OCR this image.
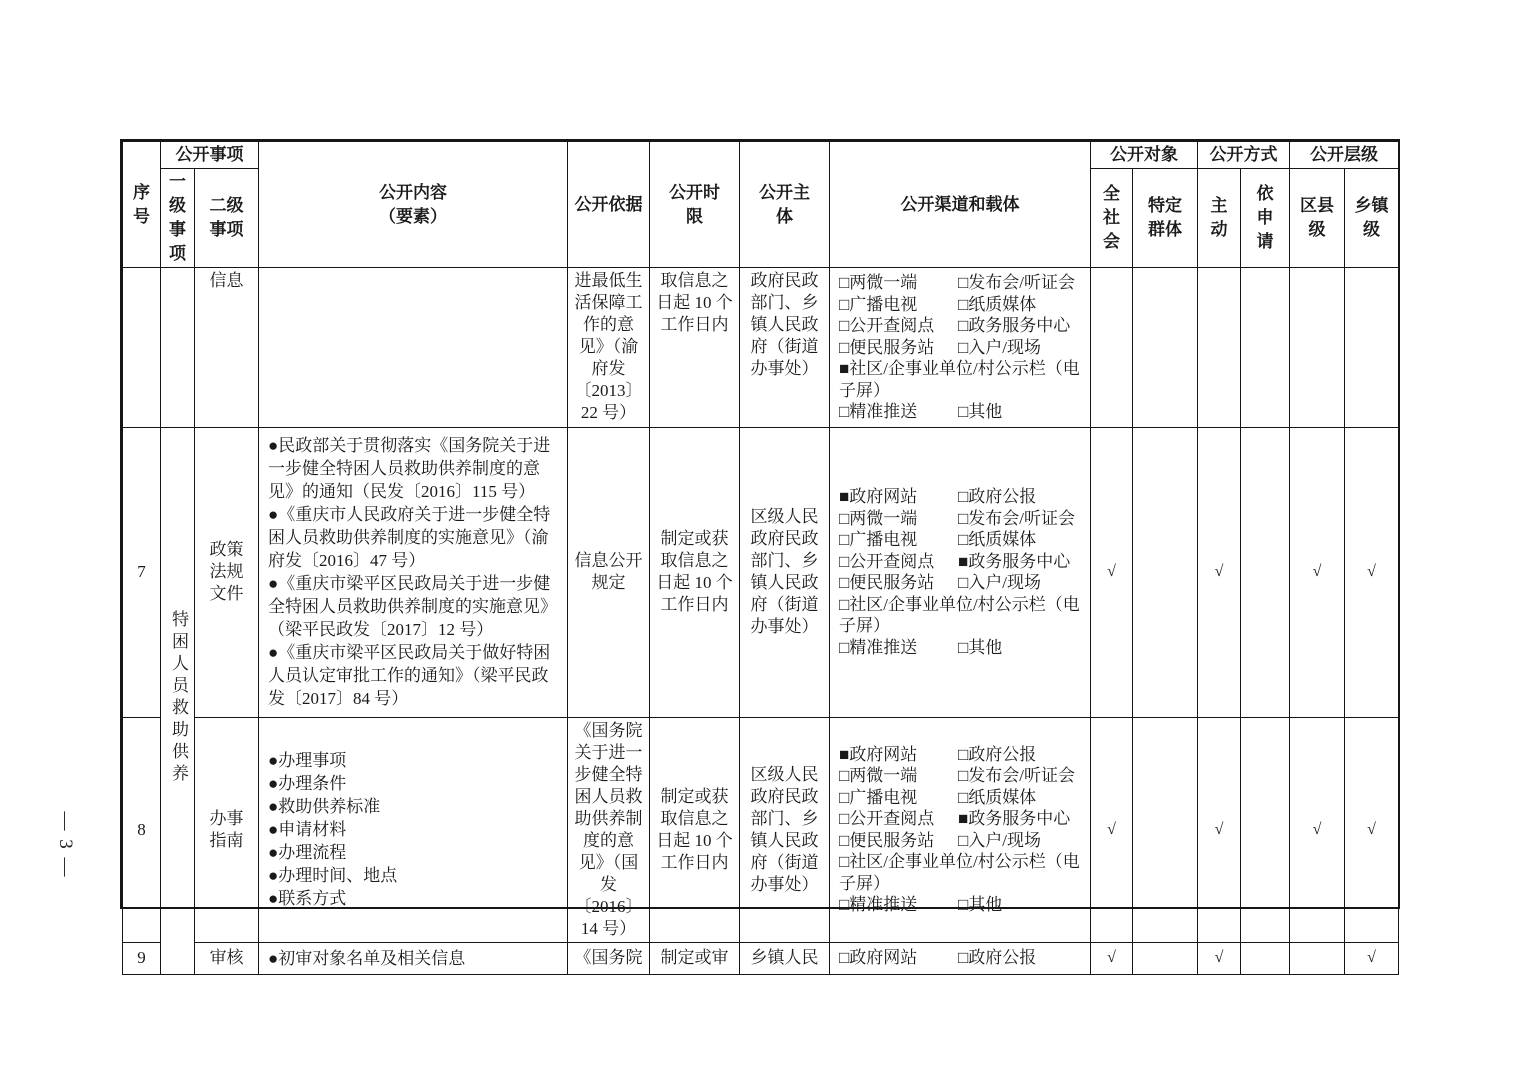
— 3 —
序号	公开事项		公开内容
（要素）	公开依据	公开时限	公开主体	公开渠道和载体	公开对象		公开方式		公开层级	
	一级事项	二级事项						全社会	特定群体	主动	依申请	区县级	乡镇级
		信息		进最低生活保障工作的意见》（渝府发〔2013〕22 号）	取信息之日起 10 个工作日内	政府民政部门、乡镇人民政府（街道办事处）	
□两微一端	□发布会/听证会
□广播电视	□纸质媒体
□公开查阅点	□政务服务中心
□便民服务站	□入户/现场
■社区/企事业单位/村公示栏（电子屏）
□精准推送	□其他

7	特困人员救助供养	政策法规文件	
●民政部关于贯彻落实《国务院关于进一步健全特困人员救助供养制度的意见》的通知（民发〔2016〕115 号）
●《重庆市人民政府关于进一步健全特困人员救助供养制度的实施意见》（渝府发〔2016〕47 号）
●《重庆市梁平区民政局关于进一步健全特困人员救助供养制度的实施意见》（梁平民政发〔2017〕12 号）
●《重庆市梁平区民政局关于做好特困人员认定审批工作的通知》（梁平民政发〔2017〕84 号）
	信息公开规定	制定或获取信息之日起 10 个工作日内	区级人民政府民政部门、乡镇人民政府（街道办事处）	
■政府网站	□政府公报
□两微一端	□发布会/听证会
□广播电视	□纸质媒体
□公开查阅点	■政务服务中心
□便民服务站	□入户/现场
□社区/企事业单位/村公示栏（电子屏）
□精准推送	□其他
	√		√		√	√
8	办事指南	
●办理事项
●办理条件
●救助供养标准
●申请材料
●办理流程
●办理时间、地点
●联系方式
	《国务院关于进一步健全特困人员救助供养制度的意见》（国发〔2016〕14 号）	制定或获取信息之日起 10 个工作日内	区级人民政府民政部门、乡镇人民政府（街道办事处）	
■政府网站	□政府公报
□两微一端	□发布会/听证会
□广播电视	□纸质媒体
□公开查阅点	■政务服务中心
□便民服务站	□入户/现场
□社区/企事业单位/村公示栏（电子屏）
□精准推送	□其他
	√		√		√	√
9		审核	●初审对象名单及相关信息	《国务院	制定或审	乡镇人民	□政府网站 □政府公报	√		√			√
